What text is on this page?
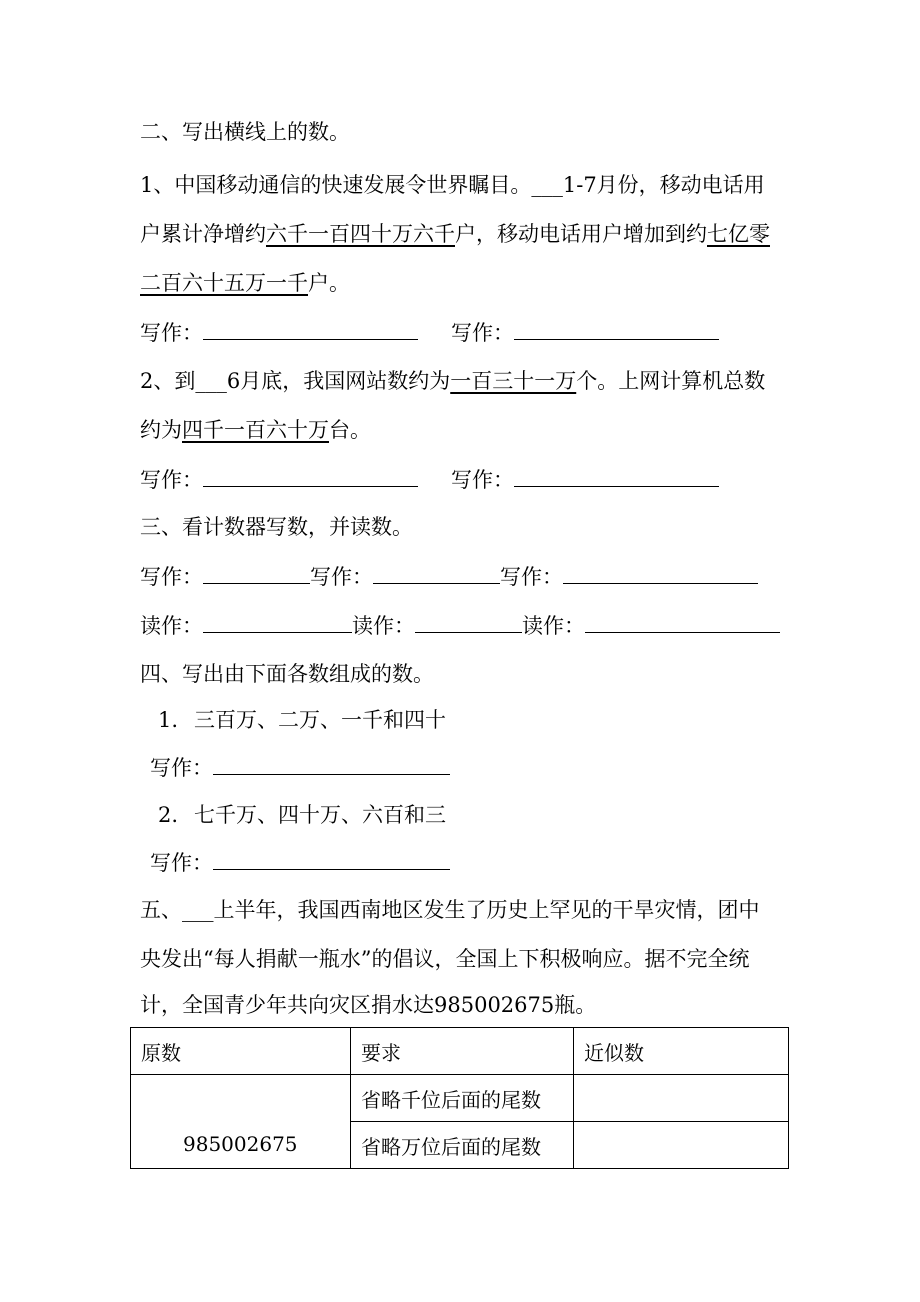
二、写出横线上的数。
1、中国移动通信的快速发展令世界瞩目。___1-7月份，移动电话用
户累计净增约六千一百四十万六千户，移动电话用户增加到约七亿零
二百六十五万一千户。
写作：	写作：
2、到___6月底，我国网站数约为一百三十一万个。上网计算机总数
约为四千一百六十万台。
写作：	写作：
三、看计数器写数，并读数。
写作：	写作：	写作：
读作：	读作：	读作：
四、写出由下面各数组成的数。
1. 三百万、二万、一千和四十
写作：
2. 七千万、四十万、六百和三
写作：
五、___上半年，我国西南地区发生了历史上罕见的干旱灾情，团中
央发出“每人捐献一瓶水”的倡议，全国上下积极响应。据不完全统
计，全国青少年共向灾区捐水达985002675瓶。
原数	要求	近似数
985002675	省略千位后面的尾数	
	省略万位后面的尾数	
